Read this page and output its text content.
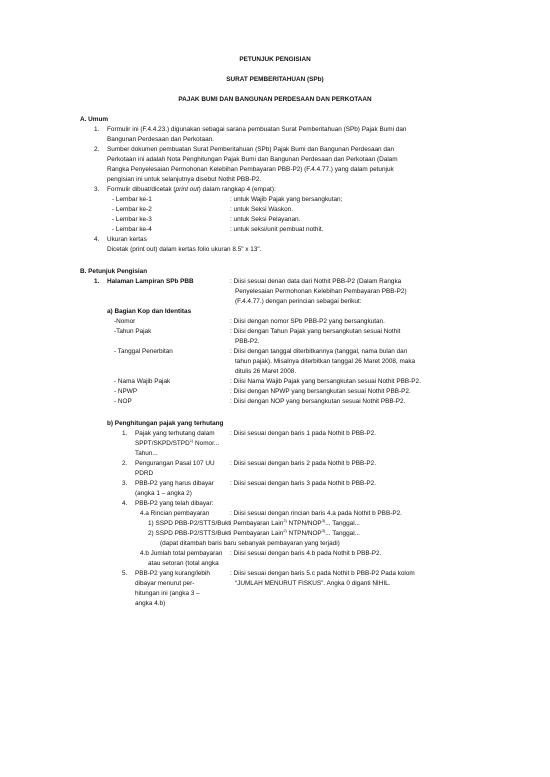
PETUNJUK PENGISIAN
SURAT PEMBERITAHUAN (SPb)
PAJAK BUMI DAN BANGUNAN PERDESAAN DAN PERKOTAAN
A. Umum
1. Formulir ini (F.4.4.23.) digunakan sebagai sarana pembuatan Surat Pemberitahuan (SPb) Pajak Bumi dan
Bangunan Perdesaan dan Perkotaan.
2. Sumber dokumen pembuatan Surat Pemberitahuan (SPb) Pajak Bumi dan Bangunan Perdesaan dan
Perkotaan ini adalah Nota Penghitungan Pajak Bumi dan Bangunan Perdesaan dan Perkotaan (Dalam
Rangka Penyelesaian Permohonan Kelebihan Pembayaran PBB-P2) (F.4.4.77.) yang dalam petunjuk
pengisian ini untuk selanjutnya disebut Nothit PBB-P2.
3. Formulir dibuat/dicetak (print out) dalam rangkap 4 (empat):
- Lembar ke-1	: untuk Wajib Pajak yang bersangkutan;
- Lembar ke-2	: untuk Seksi Waskon.
- Lembar ke-3	: untuk Seksi Pelayanan.
- Lembar ke-4	: untuk seksi/unit pembuat nothit.
4. Ukuran kertas
Dicetak (print out) dalam kertas folio ukuran 8.5" x 13".
B. Petunjuk Pengisian
1. Halaman Lampiran SPb PBB	: Diisi sesuai denan data dari Nothit PBB-P2 (Dalam Rangka
Penyelesaian Permohonan Kelebihan Pembayaran PBB-P2)
(F.4.4.77.) dengan perincian sebagai berikut:
a) Bagian Kop dan Identitas
-Nomor	: Diisi dengan nomor SPb PBB-P2 yang bersangkutan.
-Tahun Pajak	: Diisi dengan Tahun Pajak yang bersangkutan sesuai Nothit
PBB-P2.
- Tanggal Penerbitan	: Diisi dengan tanggal diterbitkannya (tanggal, nama bulan dan
tahun pajak). Misalnya diterbitkan tanggal 26 Maret 2008, maka
ditulis 26 Maret 2008.
- Nama Wajib Pajak	: Diisi Nama Wajib Pajak yang bersangkutan sesuai Nothit PBB-P2.
- NPWP	: Diisi dengan NPWP yang bersangkutan sesuai Nothit PBB-P2.
- NOP	: Diisi dengan NOP yang bersangkutan sesuai Nothit PBB-P2.
b) Penghitungan pajak yang terhutang
1. Pajak yang terhutang dalam
SPPT/SKPD/STPD$^{1)}$ Nomor...
Tahun...
: Diisi sesuai dengan baris 1 pada Nothit b PBB-P2.
2. Pengurangan Pasal 107 UU
PDRD
: Diisi sesuai dengan baris 2 pada Nothit b PBB-P2.
3. PBB-P2 yang harus dibayar
(angka 1 – angka 2)
: Diisi sesuai dengan baris 3 pada Nothit b PBB-P2.
4. PBB-P2 yang telah dibayar:
4.a Rincian pembayaran	: Diisi sesuai dengan rincian baris 4.a pada Nothit b PBB-P2.
1) SSPD PBB-P2/STTS/Bukti Pembayaran Lain$^{2)}$ NTPN/NOP$^{3)}$... Tanggal...
2) SSPD PBB-P2/STTS/Bukti Pembayaran Lain$^{2)}$ NTPN/NOP$^{3)}$... Tanggal...
(dapat ditambah baris baru sebanyak pembayaran yang terjadi)
4.b Jumlah total pembayaran
atau setoran (total angka
: Diisi sesuai dengan baris 4.b pada Nothit b PBB-P2.
5. PBB-P2 yang kurang/lebih
dibayar menurut per-
hitungan ini (angka 3 –
angka 4.b)
: Diisi sesuai dengan baris 5.c pada Nothit b PBB-P2 Pada kolom
“JUMLAH MENURUT FISKUS”. Angka 0 diganti NIHIL.
